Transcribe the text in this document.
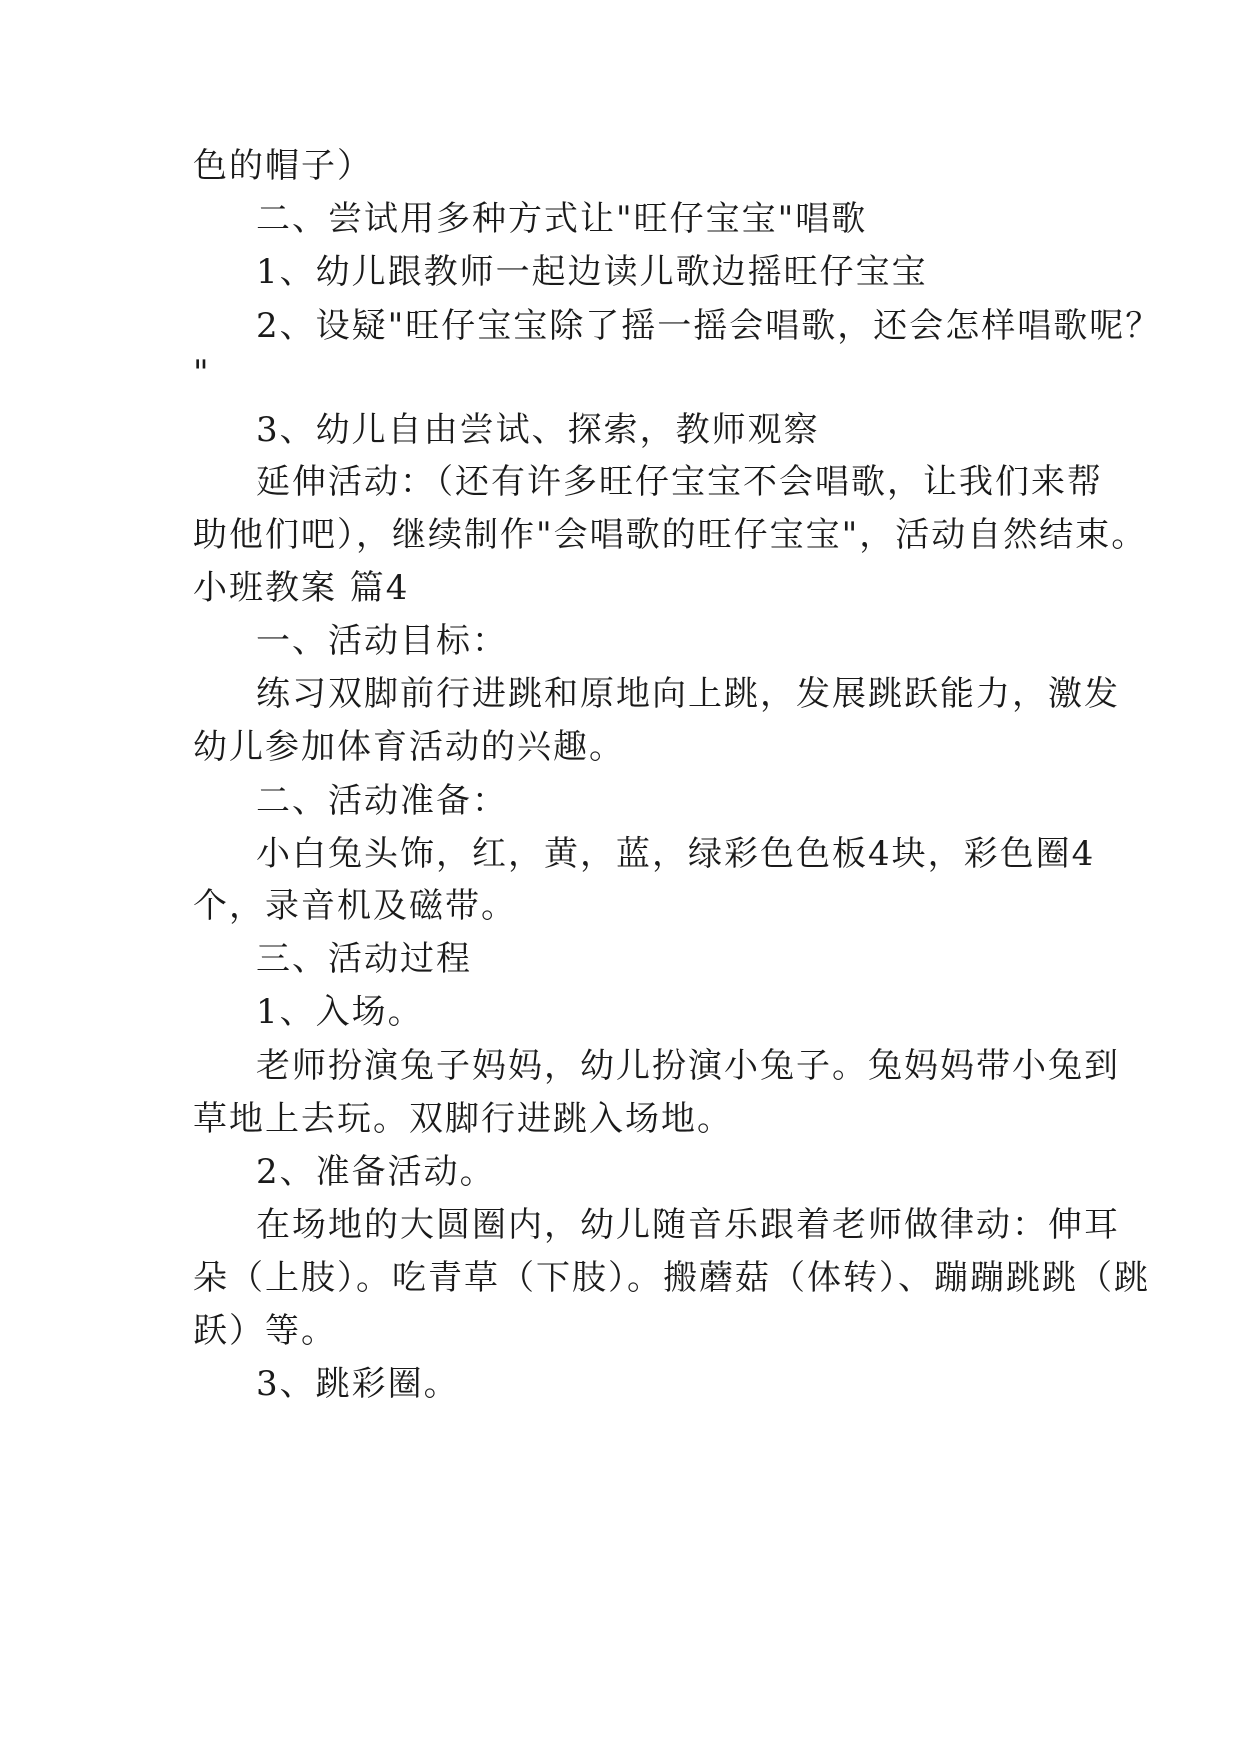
色的帽子）
二、尝试用多种方式让"旺仔宝宝"唱歌
1、幼儿跟教师一起边读儿歌边摇旺仔宝宝
2、设疑"旺仔宝宝除了摇一摇会唱歌，还会怎样唱歌呢？
"
3、幼儿自由尝试、探索，教师观察
延伸活动：（还有许多旺仔宝宝不会唱歌，让我们来帮
助他们吧），继续制作"会唱歌的旺仔宝宝"，活动自然结束。
小班教案 篇4
一、活动目标：
练习双脚前行进跳和原地向上跳，发展跳跃能力，激发
幼儿参加体育活动的兴趣。
二、活动准备：
小白兔头饰，红，黄，蓝，绿彩色色板4块，彩色圈4
个，录音机及磁带。
三、活动过程
1、入场。
老师扮演兔子妈妈，幼儿扮演小兔子。兔妈妈带小兔到
草地上去玩。双脚行进跳入场地。
2、准备活动。
在场地的大圆圈内，幼儿随音乐跟着老师做律动：伸耳
朵（上肢）。吃青草（下肢）。搬蘑菇（体转）、蹦蹦跳跳（跳
跃）等。
3、跳彩圈。
